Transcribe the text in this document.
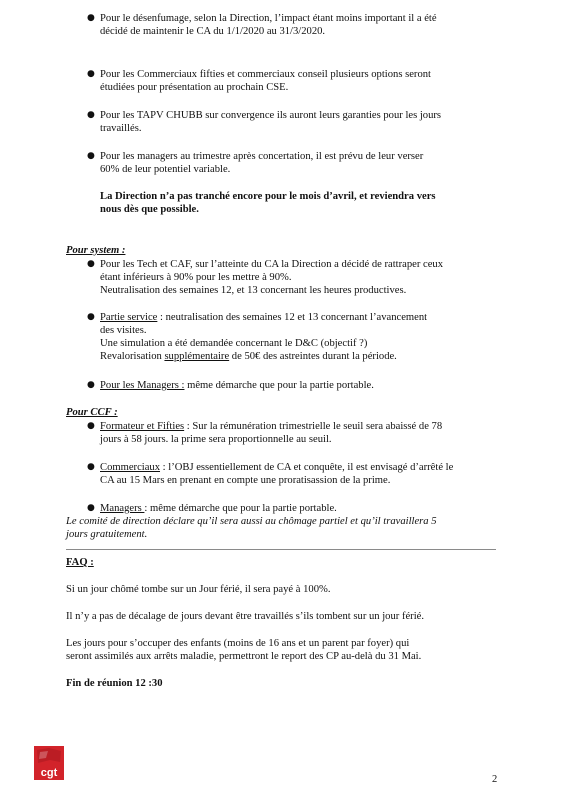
● Pour le désenfumage, selon la Direction, l’impact étant moins important il a été
décidé de maintenir le CA du 1/1/2020 au 31/3/2020.
● Pour les Commerciaux fifties et commerciaux conseil plusieurs options seront
étudiées pour présentation au prochain CSE.
● Pour les TAPV CHUBB sur convergence ils auront leurs garanties pour les jours
travaillés.
● Pour les managers au trimestre après concertation, il est prévu de leur verser
60% de leur potentiel variable.
La Direction n’a pas tranché encore pour le mois d’avril, et reviendra vers
nous dès que possible.
Pour system :
● Pour les Tech et CAF, sur l’atteinte du CA la Direction a décidé de rattraper ceux
étant inférieurs à 90% pour les mettre à 90%.
Neutralisation des semaines 12, et 13 concernant les heures productives.
● Partie service : neutralisation des semaines 12 et 13 concernant l’avancement
des visites.
Une simulation a été demandée concernant le D&C (objectif ?)
Revalorisation supplémentaire de 50€ des astreintes durant la période.
● Pour les Managers : même démarche que pour la partie portable.
Pour CCF :
● Formateur et Fifties : Sur la rémunération trimestrielle le seuil sera abaissé de 78
jours à 58 jours. la prime sera proportionnelle au seuil.
● Commerciaux : l’OBJ essentiellement de CA et conquête, il est envisagé d’arrêté le
CA au 15 Mars en prenant en compte une proratisassion de la prime.
● Managers : même démarche que pour la partie portable.
Le comité de direction déclare qu’il sera aussi au chômage partiel et qu’il travaillera 5
jours gratuitement.
FAQ :
Si un jour chômé tombe sur un Jour férié, il sera payé à 100%.
Il n’y a pas de décalage de jours devant être travaillés s’ils tombent sur un jour férié.
Les jours pour s’occuper des enfants (moins de 16 ans et un parent par foyer) qui
seront assimilés aux arrêts maladie, permettront le report des CP au-delà du 31 Mai.
Fin de réunion 12 :30
cgt
2
